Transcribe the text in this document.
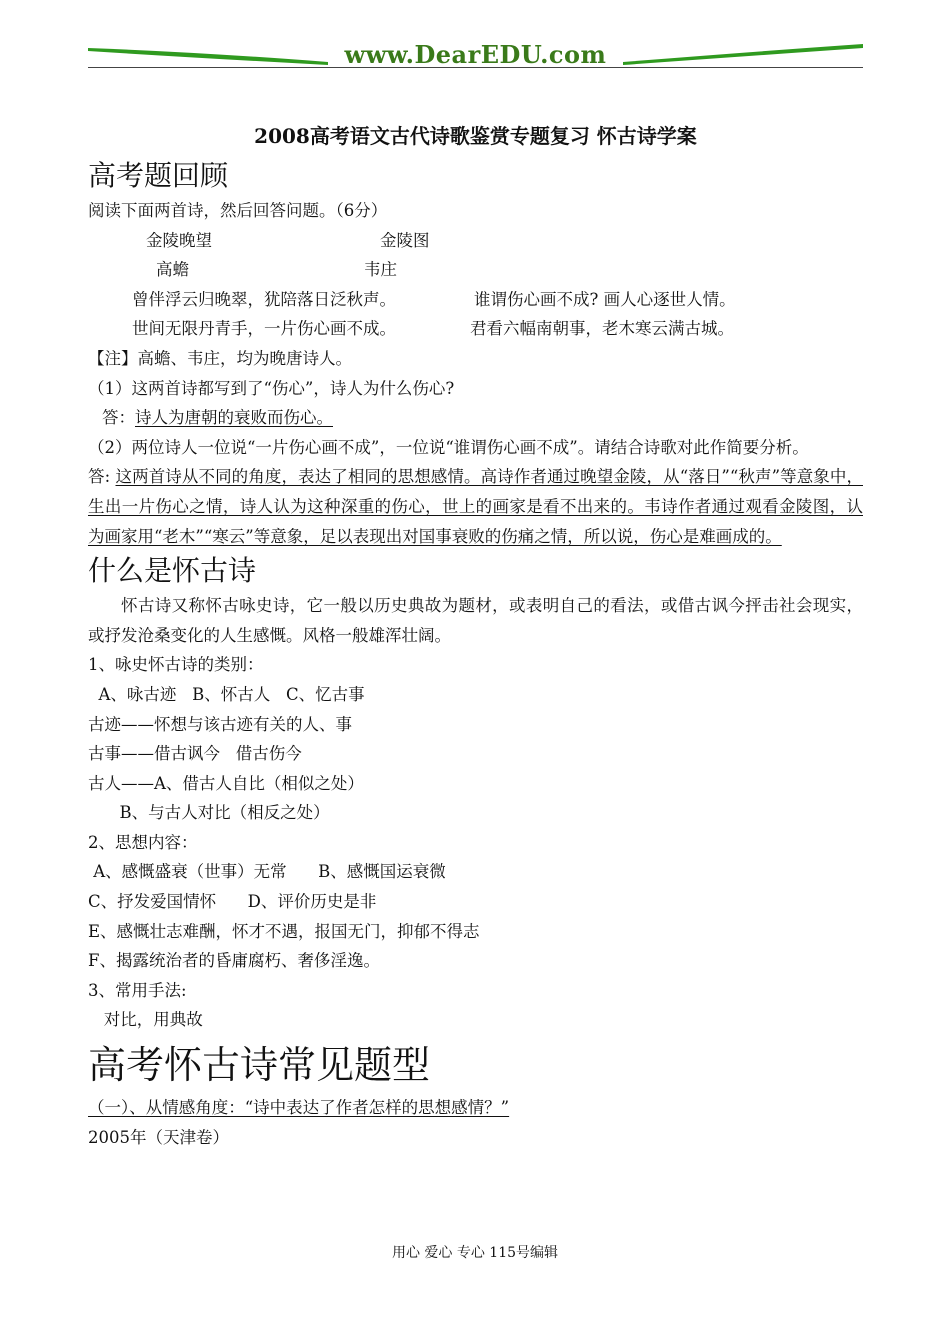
www.DearEDU.com
2008高考语文古代诗歌鉴赏专题复习 怀古诗学案
高考题回顾

阅读下面两首诗，然后回答问题。（6分）

金陵晚望	金陵图
高蟾	韦庄
曾伴浮云归晚翠，犹陪落日泛秋声。	谁谓伤心画不成? 画人心逐世人情。
世间无限丹青手，一片伤心画不成。	君看六幅南朝事，老木寒云满古城。

【注】高蟾、韦庄，均为晚唐诗人。

（1）这两首诗都写到了“伤心”，诗人为什么伤心?

答：诗人为唐朝的衰败而伤心。

（2）两位诗人一位说“一片伤心画不成”，一位说“谁谓伤心画不成”。请结合诗歌对此作简要分析。

答: 这两首诗从不同的角度，表达了相同的思想感情。高诗作者通过晚望金陵，从“落日”“秋声”等意象中，生出一片伤心之情，诗人认为这种深重的伤心，世上的画家是看不出来的。韦诗作者通过观看金陵图，认为画家用“老木”“寒云”等意象，足以表现出对国事衰败的伤痛之情，所以说，伤心是难画成的。

什么是怀古诗

怀古诗又称怀古咏史诗，它一般以历史典故为题材，或表明自己的看法，或借古讽今抨击社会现实，或抒发沧桑变化的人生感慨。风格一般雄浑壮阔。

1、咏史怀古诗的类别：

A、咏古迹   B、怀古人   C、忆古事

古迹——怀想与该古迹有关的人、事

古事——借古讽今   借古伤今

古人——A、借古人自比（相似之处）

B、与古人对比（相反之处）

2、思想内容：

A、感慨盛衰（世事）无常      B、感慨国运衰微

C、抒发爱国情怀      D、评价历史是非

E、感慨壮志难酬，怀才不遇，报国无门，抑郁不得志

F、揭露统治者的昏庸腐朽、奢侈淫逸。

3、常用手法:

对比，用典故

高考怀古诗常见题型

（一）、从情感角度：“诗中表达了作者怎样的思想感情？”

2005年（天津卷）

用心 爱心 专心 115号编辑
